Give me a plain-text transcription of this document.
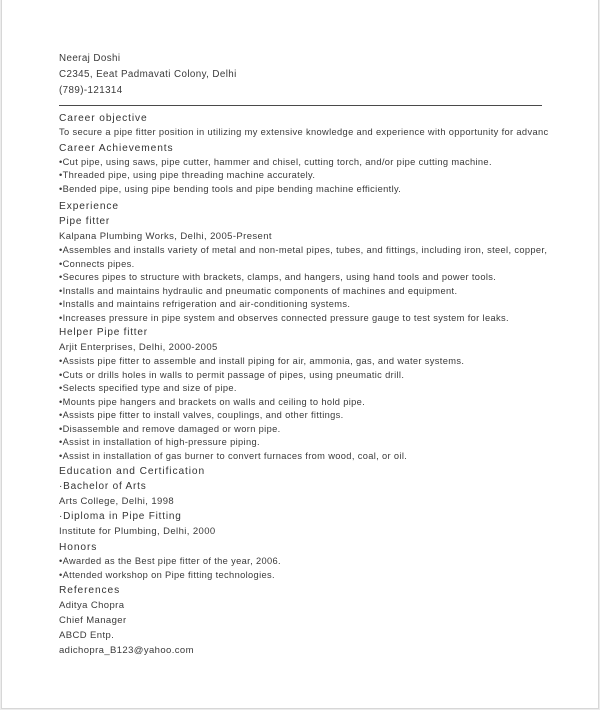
Neeraj Doshi
C2345, Eeat Padmavati Colony, Delhi
(789)-121314
Career objective
To secure a pipe fitter position in utilizing my extensive knowledge and experience with opportunity for advanc
Career Achievements
•Cut pipe, using saws, pipe cutter, hammer and chisel, cutting torch, and/or pipe cutting machine.
•Threaded pipe, using pipe threading machine accurately.
•Bended pipe, using pipe bending tools and pipe bending machine efficiently.
Experience
Pipe fitter
Kalpana Plumbing Works, Delhi, 2005-Present
•Assembles and installs variety of metal and non-metal pipes, tubes, and fittings, including iron, steel, copper,
•Connects pipes.
•Secures pipes to structure with brackets, clamps, and hangers, using hand tools and power tools.
•Installs and maintains hydraulic and pneumatic components of machines and equipment.
•Installs and maintains refrigeration and air-conditioning systems.
•Increases pressure in pipe system and observes connected pressure gauge to test system for leaks.
Helper Pipe fitter
Arjit Enterprises, Delhi, 2000-2005
•Assists pipe fitter to assemble and install piping for air, ammonia, gas, and water systems.
•Cuts or drills holes in walls to permit passage of pipes, using pneumatic drill.
•Selects specified type and size of pipe.
•Mounts pipe hangers and brackets on walls and ceiling to hold pipe.
•Assists pipe fitter to install valves, couplings, and other fittings.
•Disassemble and remove damaged or worn pipe.
•Assist in installation of high-pressure piping.
•Assist in installation of gas burner to convert furnaces from wood, coal, or oil.
Education and Certification
·Bachelor of Arts
Arts College, Delhi, 1998
·Diploma in Pipe Fitting
Institute for Plumbing, Delhi, 2000
Honors
•Awarded as the Best pipe fitter of the year, 2006.
•Attended workshop on Pipe fitting technologies.
References
Aditya Chopra
Chief Manager
ABCD Entp.
adichopra_B123@yahoo.com
